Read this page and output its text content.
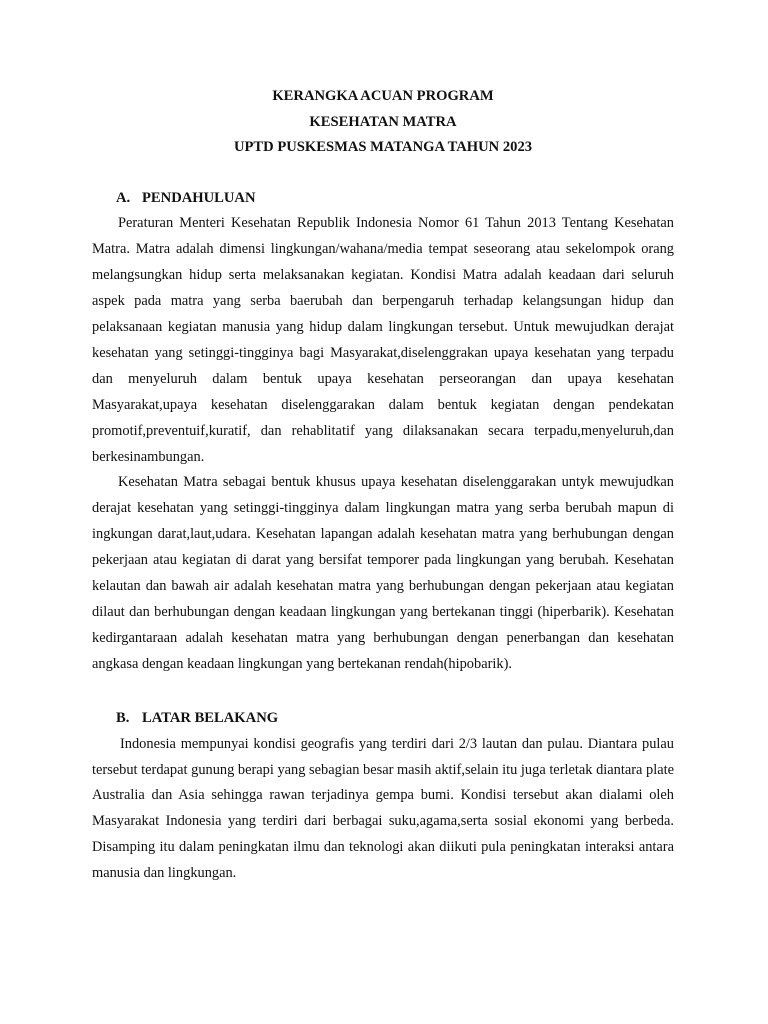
KERANGKA ACUAN PROGRAM
KESEHATAN MATRA
UPTD PUSKESMAS MATANGA TAHUN 2023
A. PENDAHULUAN

Peraturan Menteri Kesehatan Republik Indonesia Nomor 61 Tahun 2013 Tentang Kesehatan Matra. Matra adalah dimensi lingkungan/wahana/media tempat seseorang atau sekelompok orang melangsungkan hidup serta melaksanakan kegiatan. Kondisi Matra adalah keadaan dari seluruh aspek pada matra yang serba baerubah dan berpengaruh terhadap kelangsungan hidup dan pelaksanaan kegiatan manusia yang hidup dalam lingkungan tersebut. Untuk mewujudkan derajat kesehatan yang setinggi-tingginya bagi Masyarakat,diselenggrakan upaya kesehatan yang terpadu dan menyeluruh dalam bentuk upaya kesehatan perseorangan dan upaya kesehatan Masyarakat,upaya kesehatan diselenggarakan dalam bentuk kegiatan dengan pendekatan promotif,preventuif,kuratif, dan rehablitatif yang dilaksanakan secara terpadu,menyeluruh,dan berkesinambungan.

Kesehatan Matra sebagai bentuk khusus upaya kesehatan diselenggarakan untyk mewujudkan derajat kesehatan yang setinggi-tingginya dalam lingkungan matra yang serba berubah mapun di ingkungan darat,laut,udara. Kesehatan lapangan adalah kesehatan matra yang berhubungan dengan pekerjaan atau kegiatan di darat yang bersifat temporer pada lingkungan yang berubah. Kesehatan kelautan dan bawah air adalah kesehatan matra yang berhubungan dengan pekerjaan atau kegiatan dilaut dan berhubungan dengan keadaan lingkungan yang bertekanan tinggi (hiperbarik). Kesehatan kedirgantaraan adalah kesehatan matra yang berhubungan dengan penerbangan dan kesehatan angkasa dengan keadaan lingkungan yang bertekanan rendah(hipobarik).

B. LATAR BELAKANG

Indonesia mempunyai kondisi geografis yang terdiri dari 2/3 lautan dan pulau. Diantara pulau tersebut terdapat gunung berapi yang sebagian besar masih aktif,selain itu juga terletak diantara plate Australia dan Asia sehingga rawan terjadinya gempa bumi. Kondisi tersebut akan dialami oleh Masyarakat Indonesia yang terdiri dari berbagai suku,agama,serta sosial ekonomi yang berbeda. Disamping itu dalam peningkatan ilmu dan teknologi akan diikuti pula peningkatan interaksi antara manusia dan lingkungan.
